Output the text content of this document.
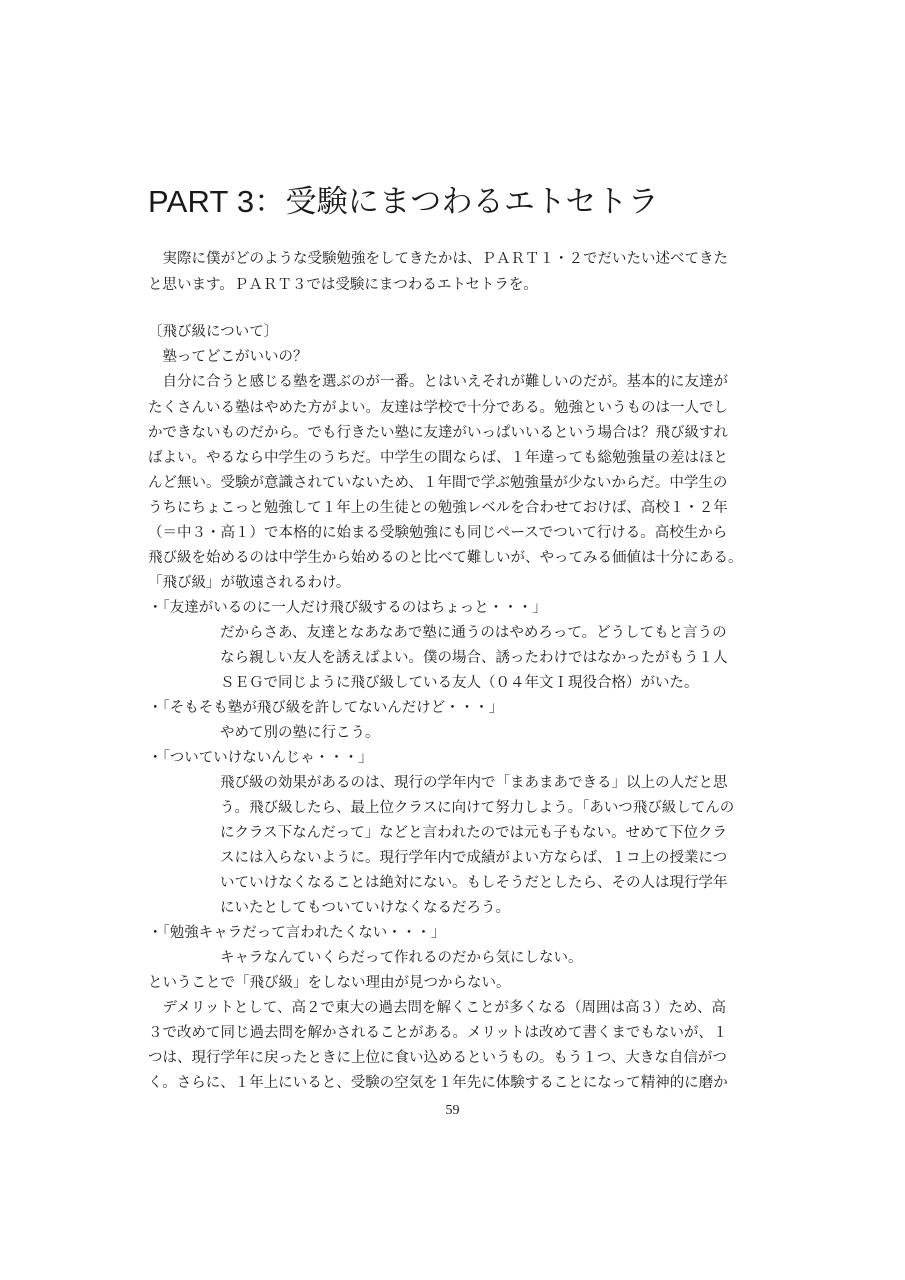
PART 3：受験にまつわるエトセトラ
　実際に僕がどのような受験勉強をしてきたかは、ＰＡＲＴ１・２でだいたい述べてきた
と思います。ＰＡＲＴ３では受験にまつわるエトセトラを。
〔飛び級について〕
　塾ってどこがいいの？
　自分に合うと感じる塾を選ぶのが一番。とはいえそれが難しいのだが。基本的に友達が
たくさんいる塾はやめた方がよい。友達は学校で十分である。勉強というものは一人でし
かできないものだから。でも行きたい塾に友達がいっぱいいるという場合は？飛び級すれ
ばよい。やるなら中学生のうちだ。中学生の間ならば、１年違っても総勉強量の差はほと
んど無い。受験が意識されていないため、１年間で学ぶ勉強量が少ないからだ。中学生の
うちにちょこっと勉強して１年上の生徒との勉強レベルを合わせておけば、高校１・２年
（＝中３・高１）で本格的に始まる受験勉強にも同じペースでついて行ける。高校生から
飛び級を始めるのは中学生から始めるのと比べて難しいが、やってみる価値は十分にある。
「飛び級」が敬遠されるわけ。
・「友達がいるのに一人だけ飛び級するのはちょっと・・・」
だからさあ、友達となあなあで塾に通うのはやめろって。どうしてもと言うの
なら親しい友人を誘えばよい。僕の場合、誘ったわけではなかったがもう１人
ＳＥＧで同じように飛び級している友人（０４年文Ｉ現役合格）がいた。
・「そもそも塾が飛び級を許してないんだけど・・・」
やめて別の塾に行こう。
・「ついていけないんじゃ・・・」
飛び級の効果があるのは、現行の学年内で「まあまあできる」以上の人だと思
う。飛び級したら、最上位クラスに向けて努力しよう。「あいつ飛び級してんの
にクラス下なんだって」などと言われたのでは元も子もない。せめて下位クラ
スには入らないように。現行学年内で成績がよい方ならば、１コ上の授業につ
いていけなくなることは絶対にない。もしそうだとしたら、その人は現行学年
にいたとしてもついていけなくなるだろう。
・「勉強キャラだって言われたくない・・・」
キャラなんていくらだって作れるのだから気にしない。
ということで「飛び級」をしない理由が見つからない。
　デメリットとして、高２で東大の過去問を解くことが多くなる（周囲は高３）ため、高
３で改めて同じ過去問を解かされることがある。メリットは改めて書くまでもないが、１
つは、現行学年に戻ったときに上位に食い込めるというもの。もう１つ、大きな自信がつ
く。さらに、１年上にいると、受験の空気を１年先に体験することになって精神的に磨か
59
